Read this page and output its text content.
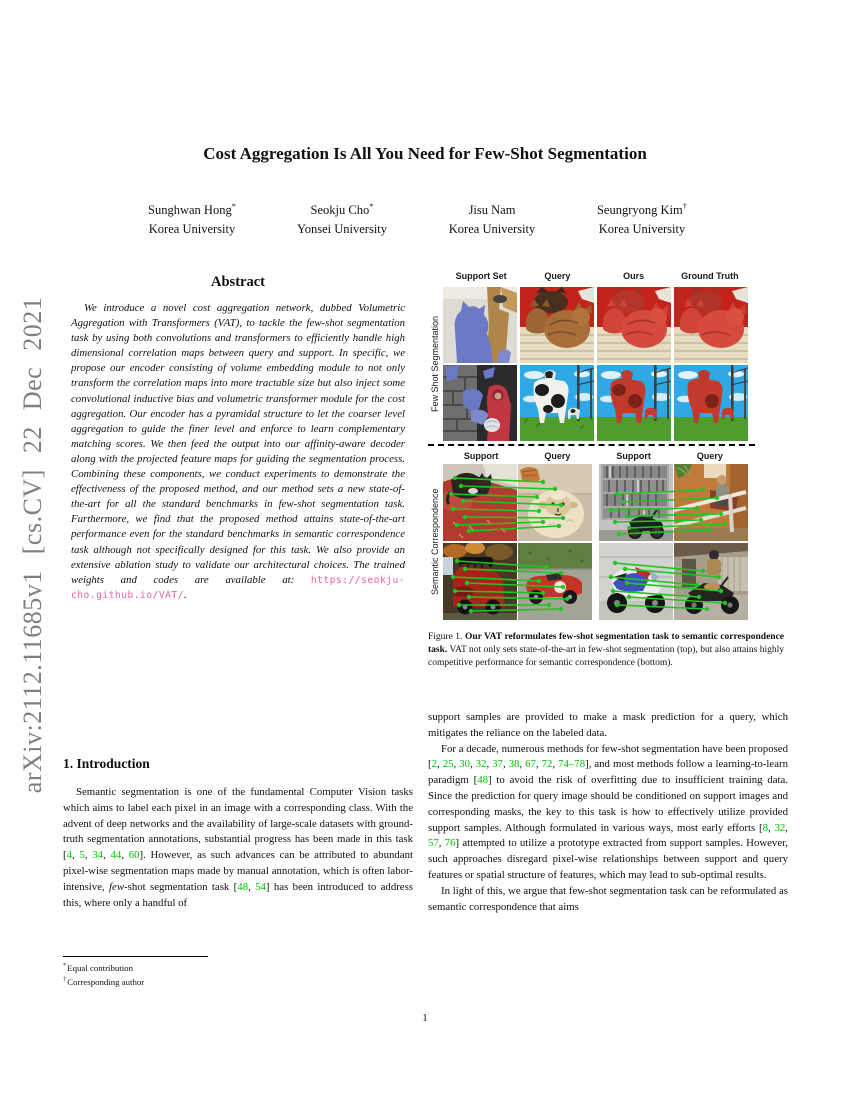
arXiv:2112.11685v1 [cs.CV] 22 Dec 2021
Cost Aggregation Is All You Need for Few-Shot Segmentation
Sunghwan Hong*
Korea University
Seokju Cho*
Yonsei University
Jisu Nam
Korea University
Seungryong Kim†
Korea University
Abstract
We introduce a novel cost aggregation network, dubbed Volumetric Aggregation with Transformers (VAT), to tackle the few-shot segmentation task by using both convolutions and transformers to efficiently handle high dimensional correlation maps between query and support. In specific, we propose our encoder consisting of volume embedding module to not only transform the correlation maps into more tractable size but also inject some convolutional inductive bias and volumetric transformer module for the cost aggregation. Our encoder has a pyramidal structure to let the coarser level aggregation to guide the finer level and enforce to learn complementary matching scores. We then feed the output into our affinity-aware decoder along with the projected feature maps for guiding the segmentation process. Combining these components, we conduct experiments to demonstrate the effectiveness of the proposed method, and our method sets a new state-of-the-art for all the standard benchmarks in few-shot segmentation task. Furthermore, we find that the proposed method attains state-of-the-art performance even for the standard benchmarks in semantic correspondence task although not specifically designed for this task. We also provide an extensive ablation study to validate our architectural choices. The trained weights and codes are available at: https://seokju-cho.github.io/VAT/.
1. Introduction
Semantic segmentation is one of the fundamental Computer Vision tasks which aims to label each pixel in an image with a corresponding class. With the advent of deep networks and the availability of large-scale datasets with ground-truth segmentation annotations, substantial progress has been made in this task [4, 5, 34, 44, 60]. However, as such advances can be attributed to abundant pixel-wise segmentation maps made by manual annotation, which is often labor-intensive, few-shot segmentation task [48, 54] has been introduced to address this, where only a handful of
*Equal contribution
†Corresponding author
Support Set	Query	Ours	Ground Truth
Few Shot Segmentation
Support	Query	Support	Query
Semantic Correspondence
Figure 1. Our VAT reformulates few-shot segmentation task to semantic correspondence task. VAT not only sets state-of-the-art in few-shot segmentation (top), but also attains highly competitive performance for semantic correspondence (bottom).

support samples are provided to make a mask prediction for a query, which mitigates the reliance on the labeled data.

For a decade, numerous methods for few-shot segmentation have been proposed [2, 25, 30, 32, 37, 38, 67, 72, 74–78], and most methods follow a learning-to-learn paradigm [48] to avoid the risk of overfitting due to insufficient training data. Since the prediction for query image should be conditioned on support images and corresponding masks, the key to this task is how to effectively utilize provided support samples. Although formulated in various ways, most early efforts [8, 32, 57, 76] attempted to utilize a prototype extracted from support samples. However, such approaches disregard pixel-wise relationships between support and query features or spatial structure of features, which may lead to sub-optimal results.

In light of this, we argue that few-shot segmentation task can be reformulated as semantic correspondence that aims

1
